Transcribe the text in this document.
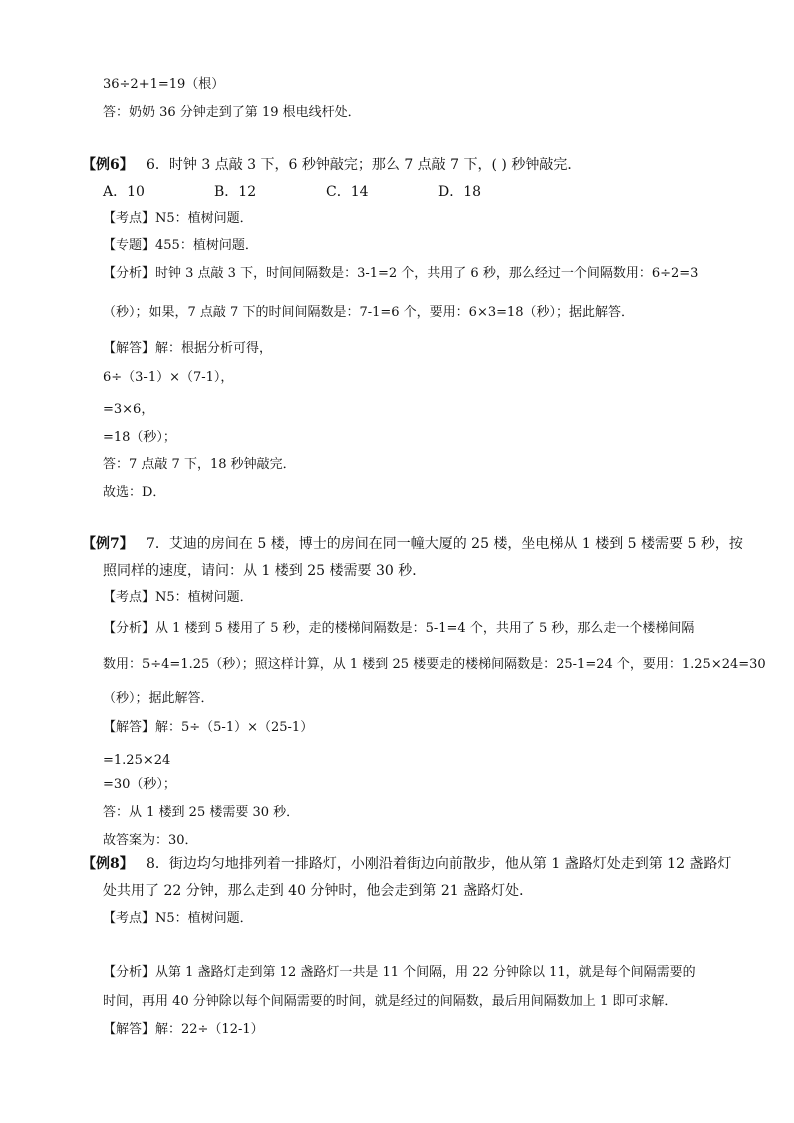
36÷2+1=19（根）
答：奶奶 36 分钟走到了第 19 根电线杆处．
【例6】 6．时钟 3 点敲 3 下，6 秒钟敲完；那么 7 点敲 7 下，( ) 秒钟敲完．
A．10	B．12	C．14	D．18
【考点】N5：植树问题．
【专题】455：植树问题．
【分析】时钟 3 点敲 3 下，时间间隔数是：3-1=2 个，共用了 6 秒，那么经过一个间隔数用：6÷2=3
（秒）；如果，7 点敲 7 下的时间间隔数是：7-1=6 个，要用：6×3=18（秒）；据此解答．
【解答】解：根据分析可得，
6÷（3-1）×（7-1），
=3×6，
=18（秒）；
答：7 点敲 7 下，18 秒钟敲完．
故选：D．
【例7】 7．艾迪的房间在 5 楼，博士的房间在同一幢大厦的 25 楼，坐电梯从 1 楼到 5 楼需要 5 秒，按
照同样的速度，请问：从 1 楼到 25 楼需要 30 秒．
【考点】N5：植树问题．
【分析】从 1 楼到 5 楼用了 5 秒，走的楼梯间隔数是：5-1=4 个，共用了 5 秒，那么走一个楼梯间隔
数用：5÷4=1.25（秒）；照这样计算，从 1 楼到 25 楼要走的楼梯间隔数是：25-1=24 个，要用：1.25×24=30
（秒）；据此解答．
【解答】解：5÷（5-1）×（25-1）
=1.25×24
=30（秒）；
答：从 1 楼到 25 楼需要 30 秒．
故答案为：30．
【例8】 8．街边均匀地排列着一排路灯，小刚沿着街边向前散步，他从第 1 盏路灯处走到第 12 盏路灯
处共用了 22 分钟，那么走到 40 分钟时，他会走到第 21 盏路灯处．
【考点】N5：植树问题．
【分析】从第 1 盏路灯走到第 12 盏路灯一共是 11 个间隔，用 22 分钟除以 11，就是每个间隔需要的
时间，再用 40 分钟除以每个间隔需要的时间，就是经过的间隔数，最后用间隔数加上 1 即可求解．
【解答】解：22÷（12-1）
